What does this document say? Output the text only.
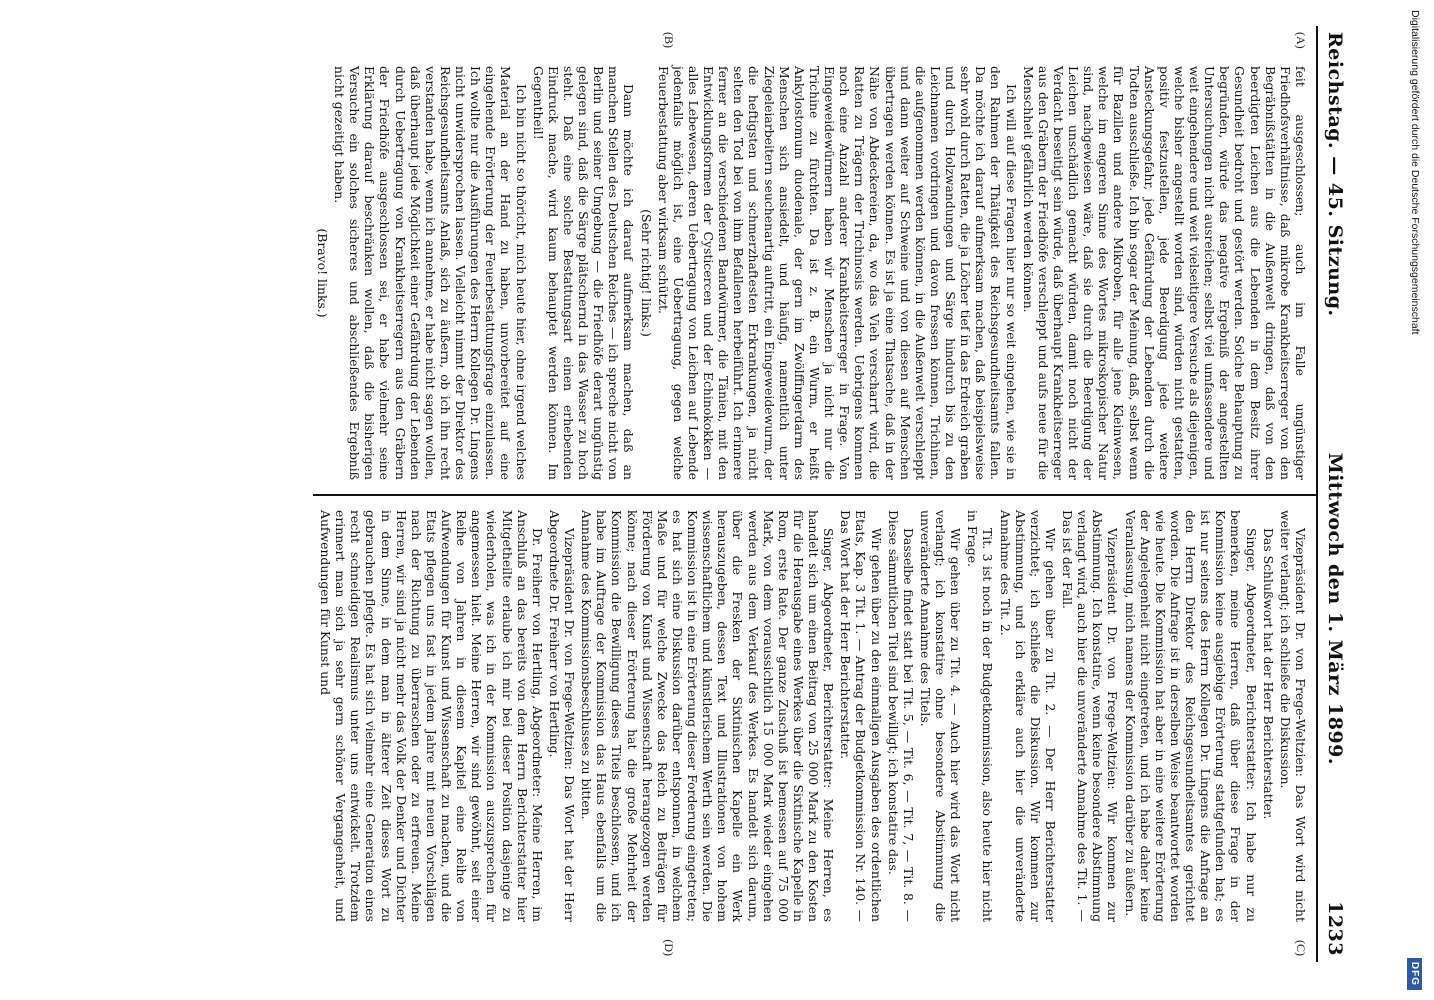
Reichstag. — 45. Sitzung.
Mittwoch den 1. März 1899.
1233
(A)
(B)

feit ausgeschlossen; auch im Falle ungünstiger Friedhofsverhältnisse, daß mikrobe Krankheitserreger von den Begräbnißstätten in die Außenwelt dringen, daß von den beerdigten Leichen aus die Lebenden in dem Besitz ihrer Gesundheit bedroht und gestört werden. Solche Behauptung zu begründen, würde das negative Ergebniß der angestellten Untersuchungen nicht ausreichen; selbst viel umfassendere und weit eingehendere und weit vielseitigere Versuche als diejenigen, welche bisher angestellt worden sind, würden nicht gestatten, positiv festzustellen, jede Beerdigung jede weitere Ansteckungsgefahr, jede Gefährdung der Lebenden durch die Todten ausschließe. Ich bin sogar der Meinung, daß, selbst wenn für Bazillen und andere Mikroben, für alle jene Kleinwesen, welche im engeren Sinne des Wortes mikroskopischer Natur sind, nachgewiesen wäre, daß sie durch die Beerdigung der Leichen unschädlich gemacht würden, damit noch nicht der Verdacht beseitigt sein würde, daß überhaupt Krankheitserreger aus den Gräbern der Friedhöfe verschleppt und aufs neue für die Menschheit gefährlich werden können.

Ich will auf diese Fragen hier nur so weit eingehen, wie sie in den Rahmen der Thätigkeit des Reichsgesundheitsamts fallen. Da möchte ich darauf aufmerksam machen, daß beispielsweise sehr wohl durch Ratten, die ja Löcher tief in das Erdreich graben und durch Holzwandungen und Särge hindurch bis zu den Leichnamen vordringen und davon fressen können, Trichinen, die aufgenommen werden können, in die Außenwelt verschleppt und dann weiter auf Schweine und von diesen auf Menschen übertragen werden können. Es ist ja eine Thatsache, daß in der Nähe von Abdeckereien, da, wo das Vieh verscharrt wird, die Ratten zu Trägern der Trichinosis werden. Uebrigens kommen noch eine Anzahl anderer Krankheitserreger in Frage. Von Eingeweidewürmern haben wir Menschen ja nicht nur die Trichine zu fürchten. Da ist z. B. ein Wurm, er heißt Ankylostomum duodenale, der gern im Zwölffingerdarm des Menschen sich ansiedelt, und häufig, namentlich unter Ziegeleiarbeitern seuchenartig auftritt, ein Eingeweidewurm, der die heftigsten und schmerzhaftesten Erkrankungen, ja nicht selten den Tod bei von ihm Befallenen herbeiführt. Ich erinnere ferner an die verschiedenen Bandwürmer, die Tänien, mit den Entwicklungsformen der Cysticercen und der Echinokokken — alles Lebewesen, deren Uebertragung von Leichen auf Lebende jedenfalls möglich ist, eine Uebertragung, gegen welche Feuerbestattung aber wirksam schützt.

(Sehr richtig! links.)

Dann möchte ich darauf aufmerksam machen, daß an manchen Stellen des Deutschen Reiches — ich spreche nicht von Berlin und seiner Umgebung — die Friedhöfe derart ungünstig gelegen sind, daß die Särge plätschernd in das Wasser zu hoch steht. Daß eine solche Bestattungsart einen erhebenden Eindruck mache, wird kaum behauptet werden können. Im Gegentheil!

Ich bin nicht so thöricht, mich heute hier, ohne irgend welches Material an der Hand zu haben, unvorbereitet auf eine eingehende Erörterung der Feuerbestattungsfrage einzulassen. Ich wollte nur die Ausführungen des Herrn Kollegen Dr. Lingens nicht unwidersprochen lassen. Vielleicht nimmt der Direktor des Reichsgesundheitsamts Anlaß, sich zu äußern, ob ich ihn recht verstanden habe, wenn ich annehme, er habe nicht sagen wollen, daß überhaupt jede Möglichkeit einer Gefährdung der Lebenden durch Uebertragung von Krankheitserregern aus den Gräbern der Friedhöfe ausgeschlossen sei, er habe vielmehr seine Erklärung darauf beschränken wollen, daß die bisherigen Versuche ein solches sicheres und abschließendes Ergebniß nicht gezeitigt haben.

(Bravo! links.)

(C)
(D)

Vizepräsident Dr. von Frege-Weltzien: Das Wort wird nicht weiter verlangt; ich schließe die Diskussion.

Das Schlußwort hat der Herr Berichterstatter.

Singer, Abgeordneter, Berichterstatter: Ich habe nur zu bemerken, meine Herren, daß über diese Frage in der Kommission keine ausgiebige Erörterung stattgefunden hat; es ist nur seitens des Herrn Kollegen Dr. Lingens die Anfrage an den Herrn Direktor des Reichsgesundheitsamtes gerichtet worden. Die Anfrage ist in derselben Weise beantwortet worden wie heute. Die Kommission hat aber in eine weitere Erörterung der Angelegenheit nicht eingetreten, und ich habe daher keine Veranlassung, mich namens der Kommission darüber zu äußern.

Vizepräsident Dr. von Frege-Weltzien: Wir kommen zur Abstimmung. Ich konstatire, wenn keine besondere Abstimmung verlangt wird, auch hier die unveränderte Annahme des Tit. 1. — Das ist der Fall.

Wir gehen über zu Tit. 2. — Der Herr Berichterstatter verzichtet; ich schließe die Diskussion. Wir kommen zur Abstimmung, und ich erkläre auch hier die unveränderte Annahme des Tit. 2.

Tit. 3 ist noch in der Budgetkommission, also heute hier nicht in Frage.

Wir gehen über zu Tit. 4. — Auch hier wird das Wort nicht verlangt; ich konstatire ohne besondere Abstimmung die unveränderte Annahme des Titels.

Dasselbe findet statt bei Tit. 5, — Tit. 6, — Tit. 7, — Tit. 8. — Diese sämmtlichen Titel sind bewilligt; ich konstatire das.

Wir gehen über zu den einmaligen Ausgaben des ordentlichen Etats, Kap. 3 Tit. 1. — Antrag der Budgetkommission Nr. 140. — Das Wort hat der Herr Berichterstatter.

Singer, Abgeordneter, Berichterstatter: Meine Herren, es handelt sich um einen Beitrag von 25 000 Mark zu den Kosten für die Herausgabe eines Werkes über die Sixtinische Kapelle in Rom, erste Rate. Der ganze Zuschuß ist bemessen auf 75 000 Mark, von dem voraussichtlich 15 000 Mark wieder eingehen werden aus dem Verkauf des Werkes. Es handelt sich darum, über die Fresken der Sixtinischen Kapelle ein Werk herauszugeben, dessen Text und Illustrationen von hohem wissenschaftlichem und künstlerischem Werth sein werden. Die Kommission ist in eine Erörterung dieser Forderung eingetreten; es hat sich eine Diskussion darüber entsponnen, in welchem Maße und für welche Zwecke das Reich zu Beiträgen für Förderung von Kunst und Wissenschaft herangezogen werden könne; nach dieser Erörterung hat die große Mehrheit der Kommission die Bewilligung dieses Titels beschlossen, und ich habe im Auftrage der Kommission das Haus ebenfalls um die Annahme des Kommissionsbeschlusses zu bitten.

Vizepräsident Dr. von Frege-Weltzien: Das Wort hat der Herr Abgeordnete Dr. Freiherr von Hertling.

Dr. Freiherr von Hertling, Abgeordneter: Meine Herren, im Anschluß an das bereits von dem Herrn Berichterstatter hier Mitgetheilte erlaube ich mir bei dieser Position dasjenige zu wiederholen, was ich in der Kommission auszusprechen für angemessen hielt. Meine Herren, wir sind gewöhnt, seit einer Reihe von Jahren in diesem Kapitel eine Reihe von Aufwendungen für Kunst und Wissenschaft zu machen, und die Etats pflegen uns fast in jedem Jahre mit neuen Vorschlägen nach der Richtung zu überraschen oder zu erfreuen. Meine Herren, wir sind ja nicht mehr das Volk der Denker und Dichter in dem Sinne, in dem man in älterer Zeit dieses Wort zu gebrauchen pflegte. Es hat sich vielmehr eine Generation eines recht schneidigen Realismus unter uns entwickelt. Trotzdem erinnert man sich ja sehr gern schöner Vergangenheit, und Aufwendungen für Kunst und

Digitalisierung gefördert durch die Deutsche Forschungsgemeinschaft
DFG
